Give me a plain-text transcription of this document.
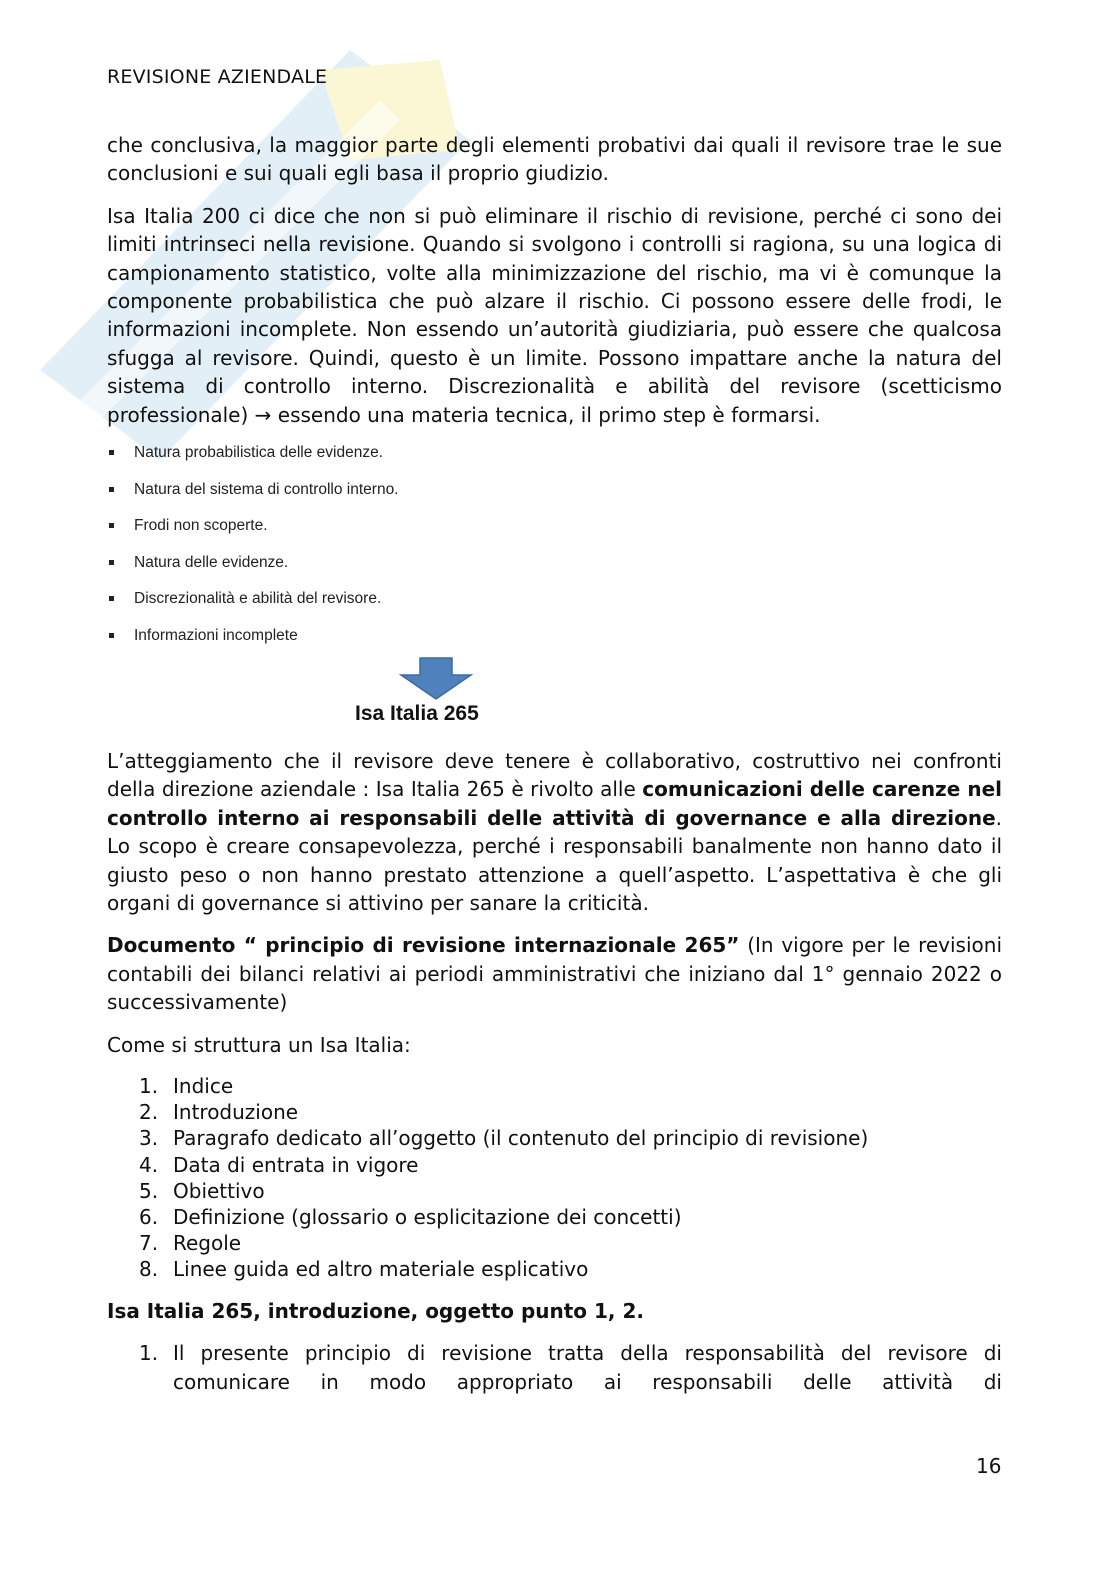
REVISIONE AZIENDALE

che conclusiva, la maggior parte degli elementi probativi dai quali il revisore trae le sue conclusioni e sui quali egli basa il proprio giudizio.

Isa Italia 200 ci dice che non si può eliminare il rischio di revisione, perché ci sono dei limiti intrinseci nella revisione. Quando si svolgono i controlli si ragiona, su una logica di campionamento statistico, volte alla minimizzazione del rischio, ma vi è comunque la componente probabilistica che può alzare il rischio. Ci possono essere delle frodi, le informazioni incomplete. Non essendo un’autorità giudiziaria, può essere che qualcosa sfugga al revisore. Quindi, questo è un limite. Possono impattare anche la natura del sistema di controllo interno. Discrezionalità e abilità del revisore (scetticismo professionale) → essendo una materia tecnica, il primo step è formarsi.

Natura probabilistica delle evidenze.
Natura del sistema di controllo interno.
Frodi non scoperte.
Natura delle evidenze.
Discrezionalità e abilità del revisore.
Informazioni incomplete
Isa Italia 265

L’atteggiamento che il revisore deve tenere è collaborativo, costruttivo nei confronti della direzione aziendale : Isa Italia 265 è rivolto alle comunicazioni delle carenze nel controllo interno ai responsabili delle attività di governance e alla direzione. Lo scopo è creare consapevolezza, perché i responsabili banalmente non hanno dato il giusto peso o non hanno prestato attenzione a quell’aspetto. L’aspettativa è che gli organi di governance si attivino per sanare la criticità.

Documento “ principio di revisione internazionale 265” (In vigore per le revisioni contabili dei bilanci relativi ai periodi amministrativi che iniziano dal 1° gennaio 2022 o successivamente)

Come si struttura un Isa Italia:

1. Indice
2. Introduzione
3. Paragrafo dedicato all’oggetto (il contenuto del principio di revisione)
4. Data di entrata in vigore
5. Obiettivo
6. Definizione (glossario o esplicitazione dei concetti)
7. Regole
8. Linee guida ed altro materiale esplicativo

Isa Italia 265, introduzione, oggetto punto 1, 2.

1. Il presente principio di revisione tratta della responsabilità del revisore di comunicare in modo appropriato ai responsabili delle attività di
16
